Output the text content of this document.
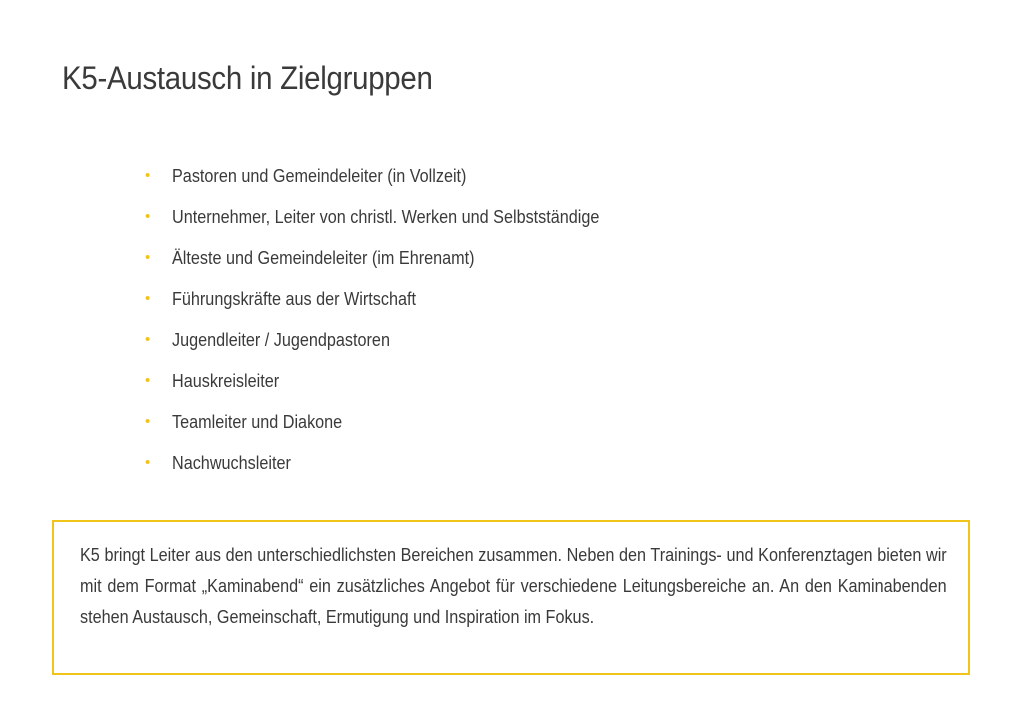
K5-Austausch in Zielgruppen
•	Pastoren und Gemeindeleiter (in Vollzeit)
•	Unternehmer, Leiter von christl. Werken und Selbstständige
•	Älteste und Gemeindeleiter (im Ehrenamt)
•	Führungskräfte aus der Wirtschaft
•	Jugendleiter / Jugendpastoren
•	Hauskreisleiter
•	Teamleiter und Diakone
•	Nachwuchsleiter

K5 bringt Leiter aus den unterschiedlichsten Bereichen zusammen. Neben den Trainings- und Konferenztagen bieten wir mit dem Format „Kaminabend“ ein zusätzliches Angebot für verschiedene Leitungsbereiche an. An den Kaminabenden stehen Austausch, Gemeinschaft, Ermutigung und Inspiration im Fokus.
